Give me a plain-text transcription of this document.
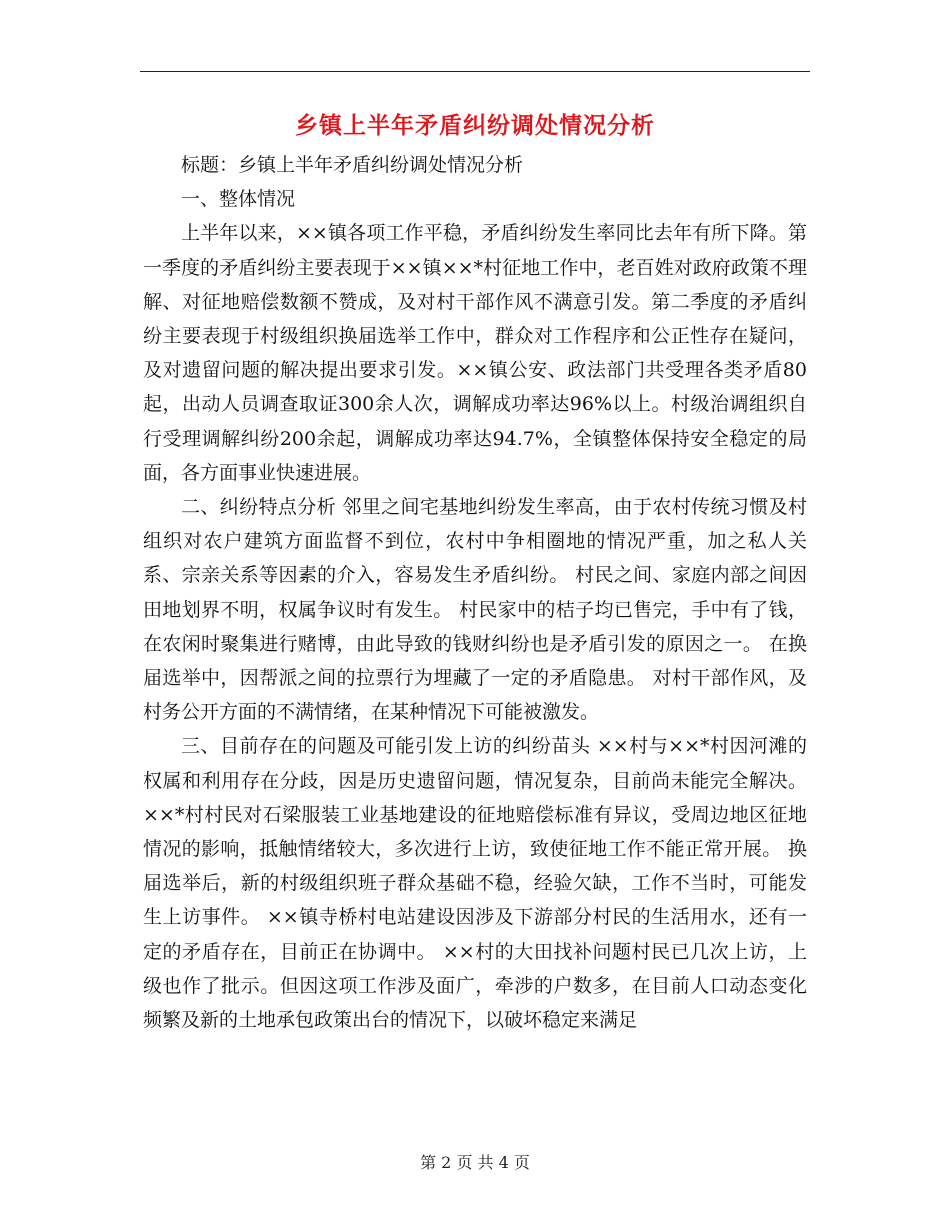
乡镇上半年矛盾纠纷调处情况分析

标题：乡镇上半年矛盾纠纷调处情况分析

一、整体情况

上半年以来，××镇各项工作平稳，矛盾纠纷发生率同比去年有所下降。第一季度的矛盾纠纷主要表现于××镇××*村征地工作中，老百姓对政府政策不理解、对征地赔偿数额不赞成，及对村干部作风不满意引发。第二季度的矛盾纠纷主要表现于村级组织换届选举工作中，群众对工作程序和公正性存在疑问，及对遗留问题的解决提出要求引发。××镇公安、政法部门共受理各类矛盾80起，出动人员调查取证300余人次，调解成功率达96%以上。村级治调组织自行受理调解纠纷200余起，调解成功率达94.7%，全镇整体保持安全稳定的局面，各方面事业快速进展。

二、纠纷特点分析 邻里之间宅基地纠纷发生率高，由于农村传统习惯及村组织对农户建筑方面监督不到位，农村中争相圈地的情况严重，加之私人关系、宗亲关系等因素的介入，容易发生矛盾纠纷。 村民之间、家庭内部之间因田地划界不明，权属争议时有发生。 村民家中的桔子均已售完，手中有了钱，在农闲时聚集进行赌博，由此导致的钱财纠纷也是矛盾引发的原因之一。 在换届选举中，因帮派之间的拉票行为埋藏了一定的矛盾隐患。 对村干部作风，及村务公开方面的不满情绪，在某种情况下可能被激发。

三、目前存在的问题及可能引发上访的纠纷苗头 ××村与××*村因河滩的权属和利用存在分歧，因是历史遗留问题，情况复杂，目前尚未能完全解决。 ××*村村民对石梁服装工业基地建设的征地赔偿标准有异议，受周边地区征地情况的影响，抵触情绪较大，多次进行上访，致使征地工作不能正常开展。 换届选举后，新的村级组织班子群众基础不稳，经验欠缺，工作不当时，可能发生上访事件。 ××镇寺桥村电站建设因涉及下游部分村民的生活用水，还有一定的矛盾存在，目前正在协调中。 ××村的大田找补问题村民已几次上访，上级也作了批示。但因这项工作涉及面广，牵涉的户数多，在目前人口动态变化频繁及新的土地承包政策出台的情况下，以破坏稳定来满足

第 2 页 共 4 页
